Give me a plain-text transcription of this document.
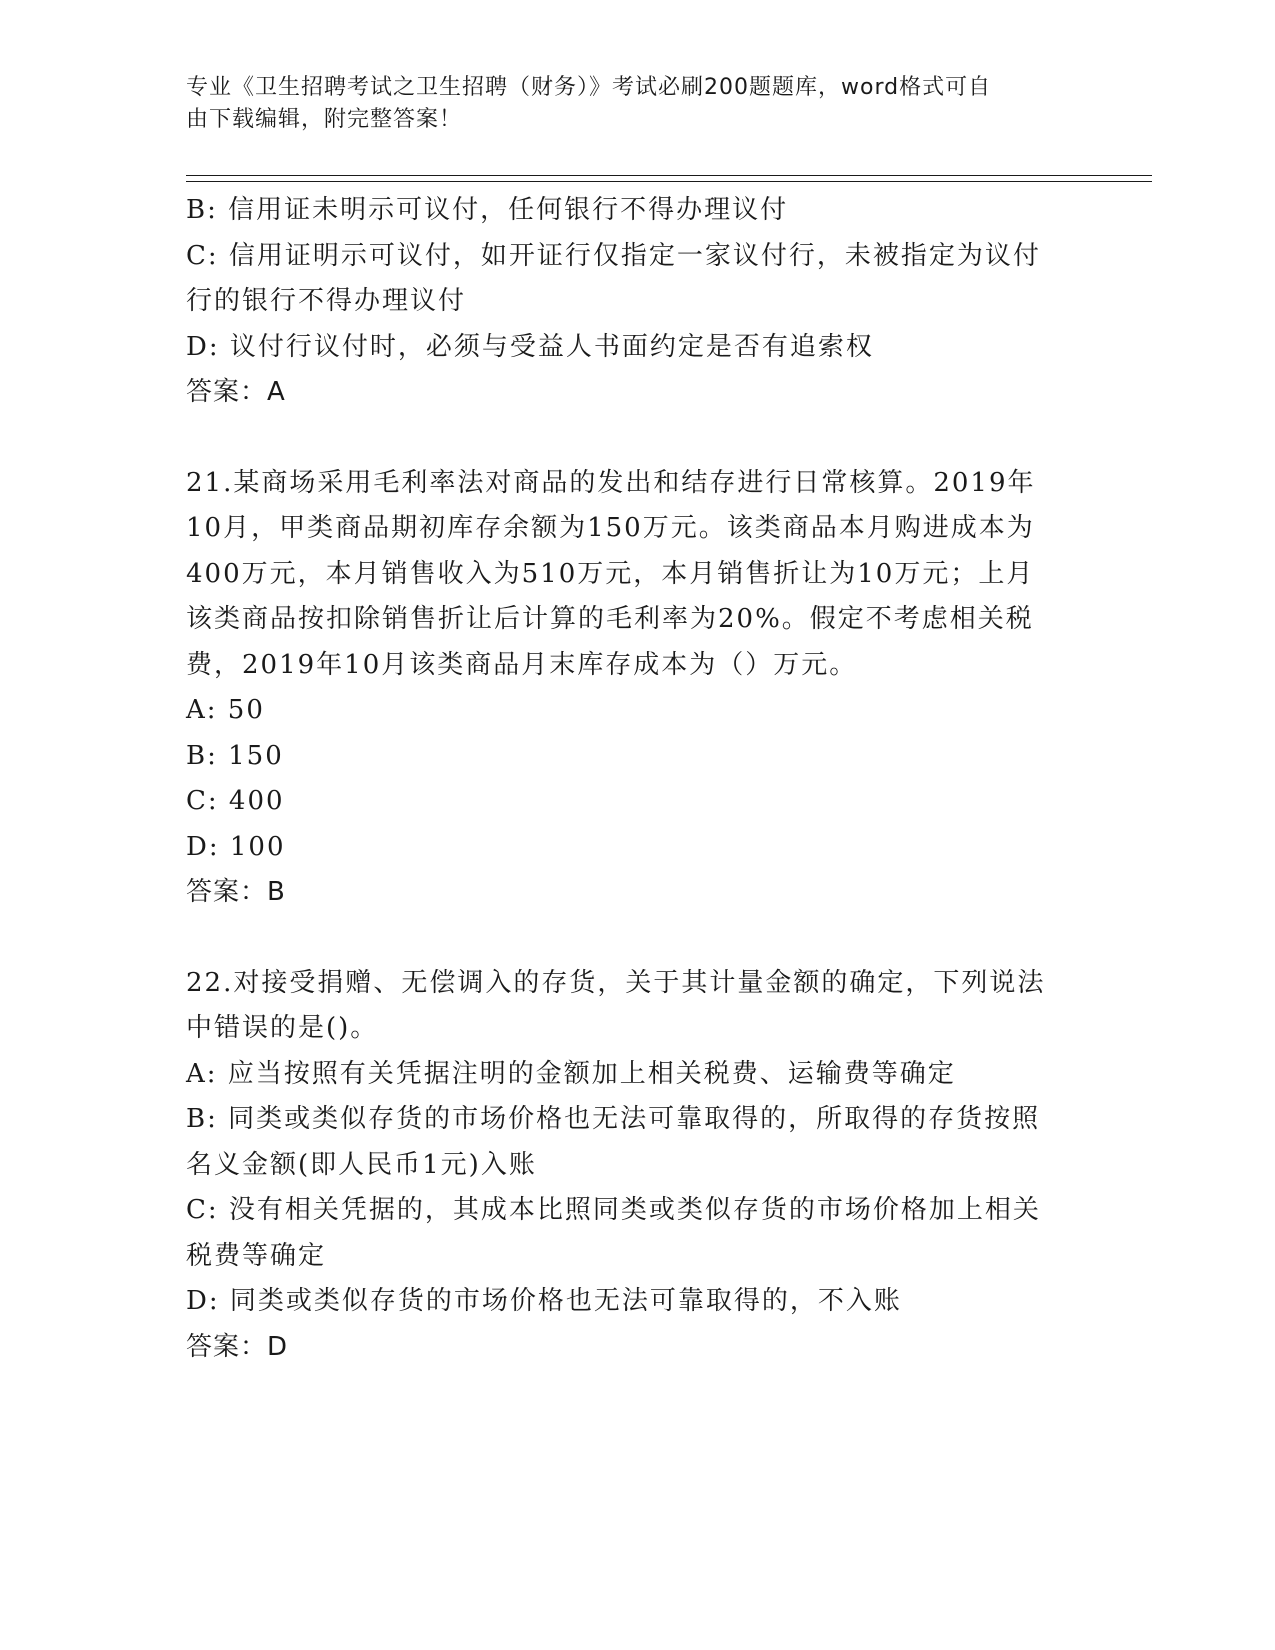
专业《卫生招聘考试之卫生招聘（财务）》考试必刷200题题库，word格式可自
由下载编辑，附完整答案！
B: 信用证未明示可议付，任何银行不得办理议付
C: 信用证明示可议付，如开证行仅指定一家议付行，未被指定为议付
行的银行不得办理议付
D: 议付行议付时，必须与受益人书面约定是否有追索权
答案：A
21.某商场采用毛利率法对商品的发出和结存进行日常核算。2019年
10月，甲类商品期初库存余额为150万元。该类商品本月购进成本为
400万元，本月销售收入为510万元，本月销售折让为10万元；上月
该类商品按扣除销售折让后计算的毛利率为20%。假定不考虑相关税
费，2019年10月该类商品月末库存成本为（）万元。
A: 50
B: 150
C: 400
D: 100
答案：B
22.对接受捐赠、无偿调入的存货，关于其计量金额的确定，下列说法
中错误的是()。
A: 应当按照有关凭据注明的金额加上相关税费、运输费等确定
B: 同类或类似存货的市场价格也无法可靠取得的，所取得的存货按照
名义金额(即人民币1元)入账
C: 没有相关凭据的，其成本比照同类或类似存货的市场价格加上相关
税费等确定
D: 同类或类似存货的市场价格也无法可靠取得的，不入账
答案：D
